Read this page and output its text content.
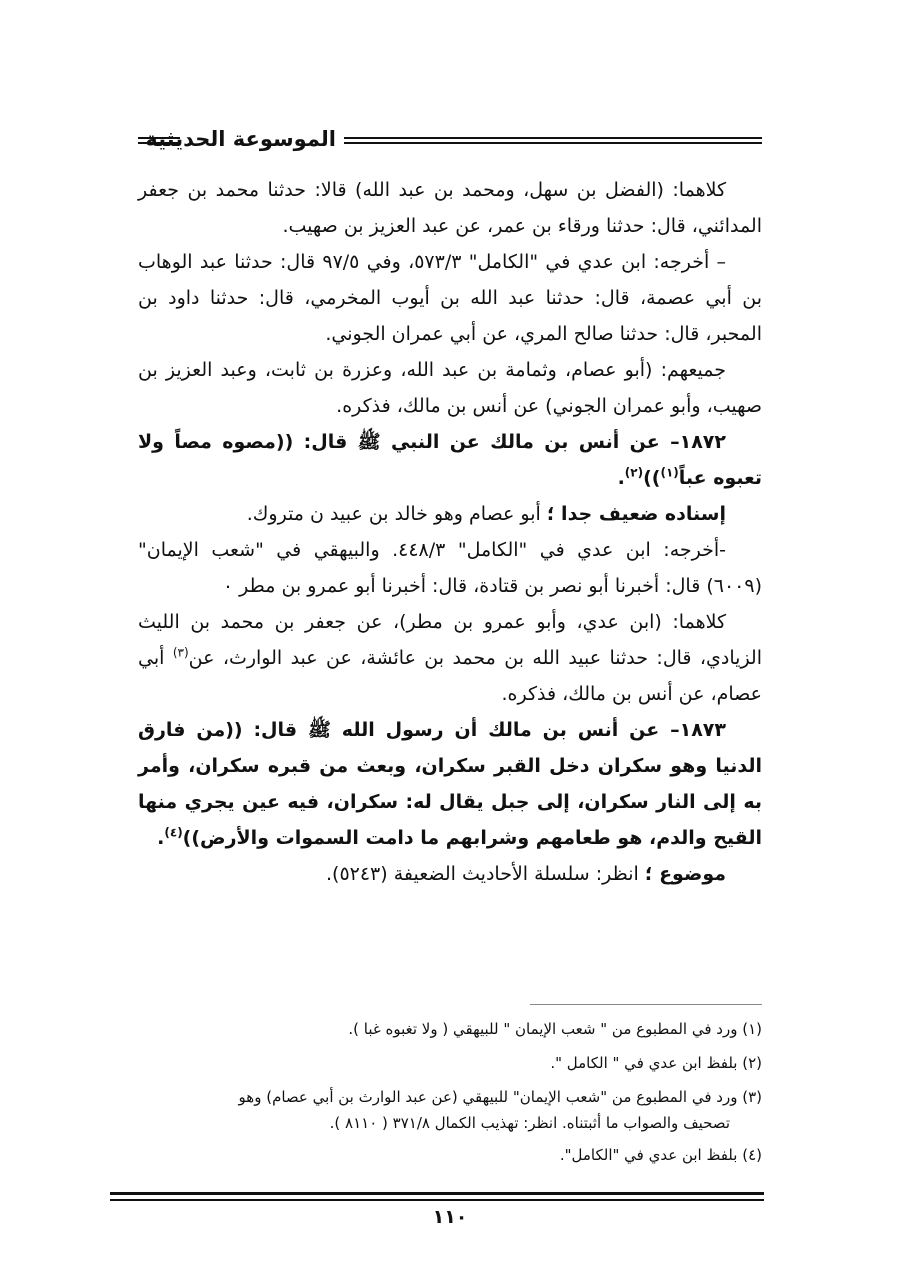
الموسوعة الحديثية

كلاهما: (الفضل بن سهل، ومحمد بن عبد الله) قالا: حدثنا محمد بن جعفر المدائني، قال: حدثنا ورقاء بن عمر، عن عبد العزيز بن صهيب.

– أخرجه: ابن عدي في "الكامل" ٥٧٣/٣، وفي ٩٧/٥ قال: حدثنا عبد الوهاب بن أبي عصمة، قال: حدثنا عبد الله بن أيوب المخرمي، قال: حدثنا داود بن المحبر، قال: حدثنا صالح المري، عن أبي عمران الجوني.

جميعهم: (أبو عصام، وثمامة بن عبد الله، وعزرة بن ثابت، وعبد العزيز بن صهيب، وأبو عمران الجوني) عن أنس بن مالك، فذكره.

١٨٧٢– عن أنس بن مالك عن النبي ﷺ قال: ((مصوه مصاً ولا تعبوه عباً$^{(١)}$))$^{(٢)}$.

إسناده ضعيف جدا ؛ أبو عصام وهو خالد بن عبيد ن متروك.

-أخرجه: ابن عدي في "الكامل" ٤٤٨/٣. والبيهقي في "شعب الإيمان" (٦٠٠٩) قال: أخبرنا أبو نصر بن قتادة، قال: أخبرنا أبو عمرو بن مطر ٠

كلاهما: (ابن عدي، وأبو عمرو بن مطر)، عن جعفر بن محمد بن الليث الزيادي، قال: حدثنا عبيد الله بن محمد بن عائشة، عن عبد الوارث، عن$^{(٣)}$ أبي عصام، عن أنس بن مالك، فذكره.

١٨٧٣– عن أنس بن مالك أن رسول الله ﷺ قال: ((من فارق الدنيا وهو سكران دخل القبر سكران، وبعث من قبره سكران، وأمر به إلى النار سكران، إلى جبل يقال له: سكران، فيه عين يجري منها القيح والدم، هو طعامهم وشرابهم ما دامت السموات والأرض))$^{(٤)}$.

موضوع ؛ انظر: سلسلة الأحاديث الضعيفة (٥٢٤٣).

(١) ورد في المطبوع من " شعب الإيمان " للبيهقي ( ولا تغبوه غبا ).

(٢) بلفظ ابن عدي في " الكامل ".

(٣) ورد في المطبوع من "شعب الإيمان" للبيهقي (عن عبد الوارث بن أبي عصام) وهو

تصحيف والصواب ما أثبتناه. انظر: تهذيب الكمال ٣٧١/٨ ( ٨١١٠ ).

(٤) بلفظ ابن عدي في "الكامل".

١١٠
